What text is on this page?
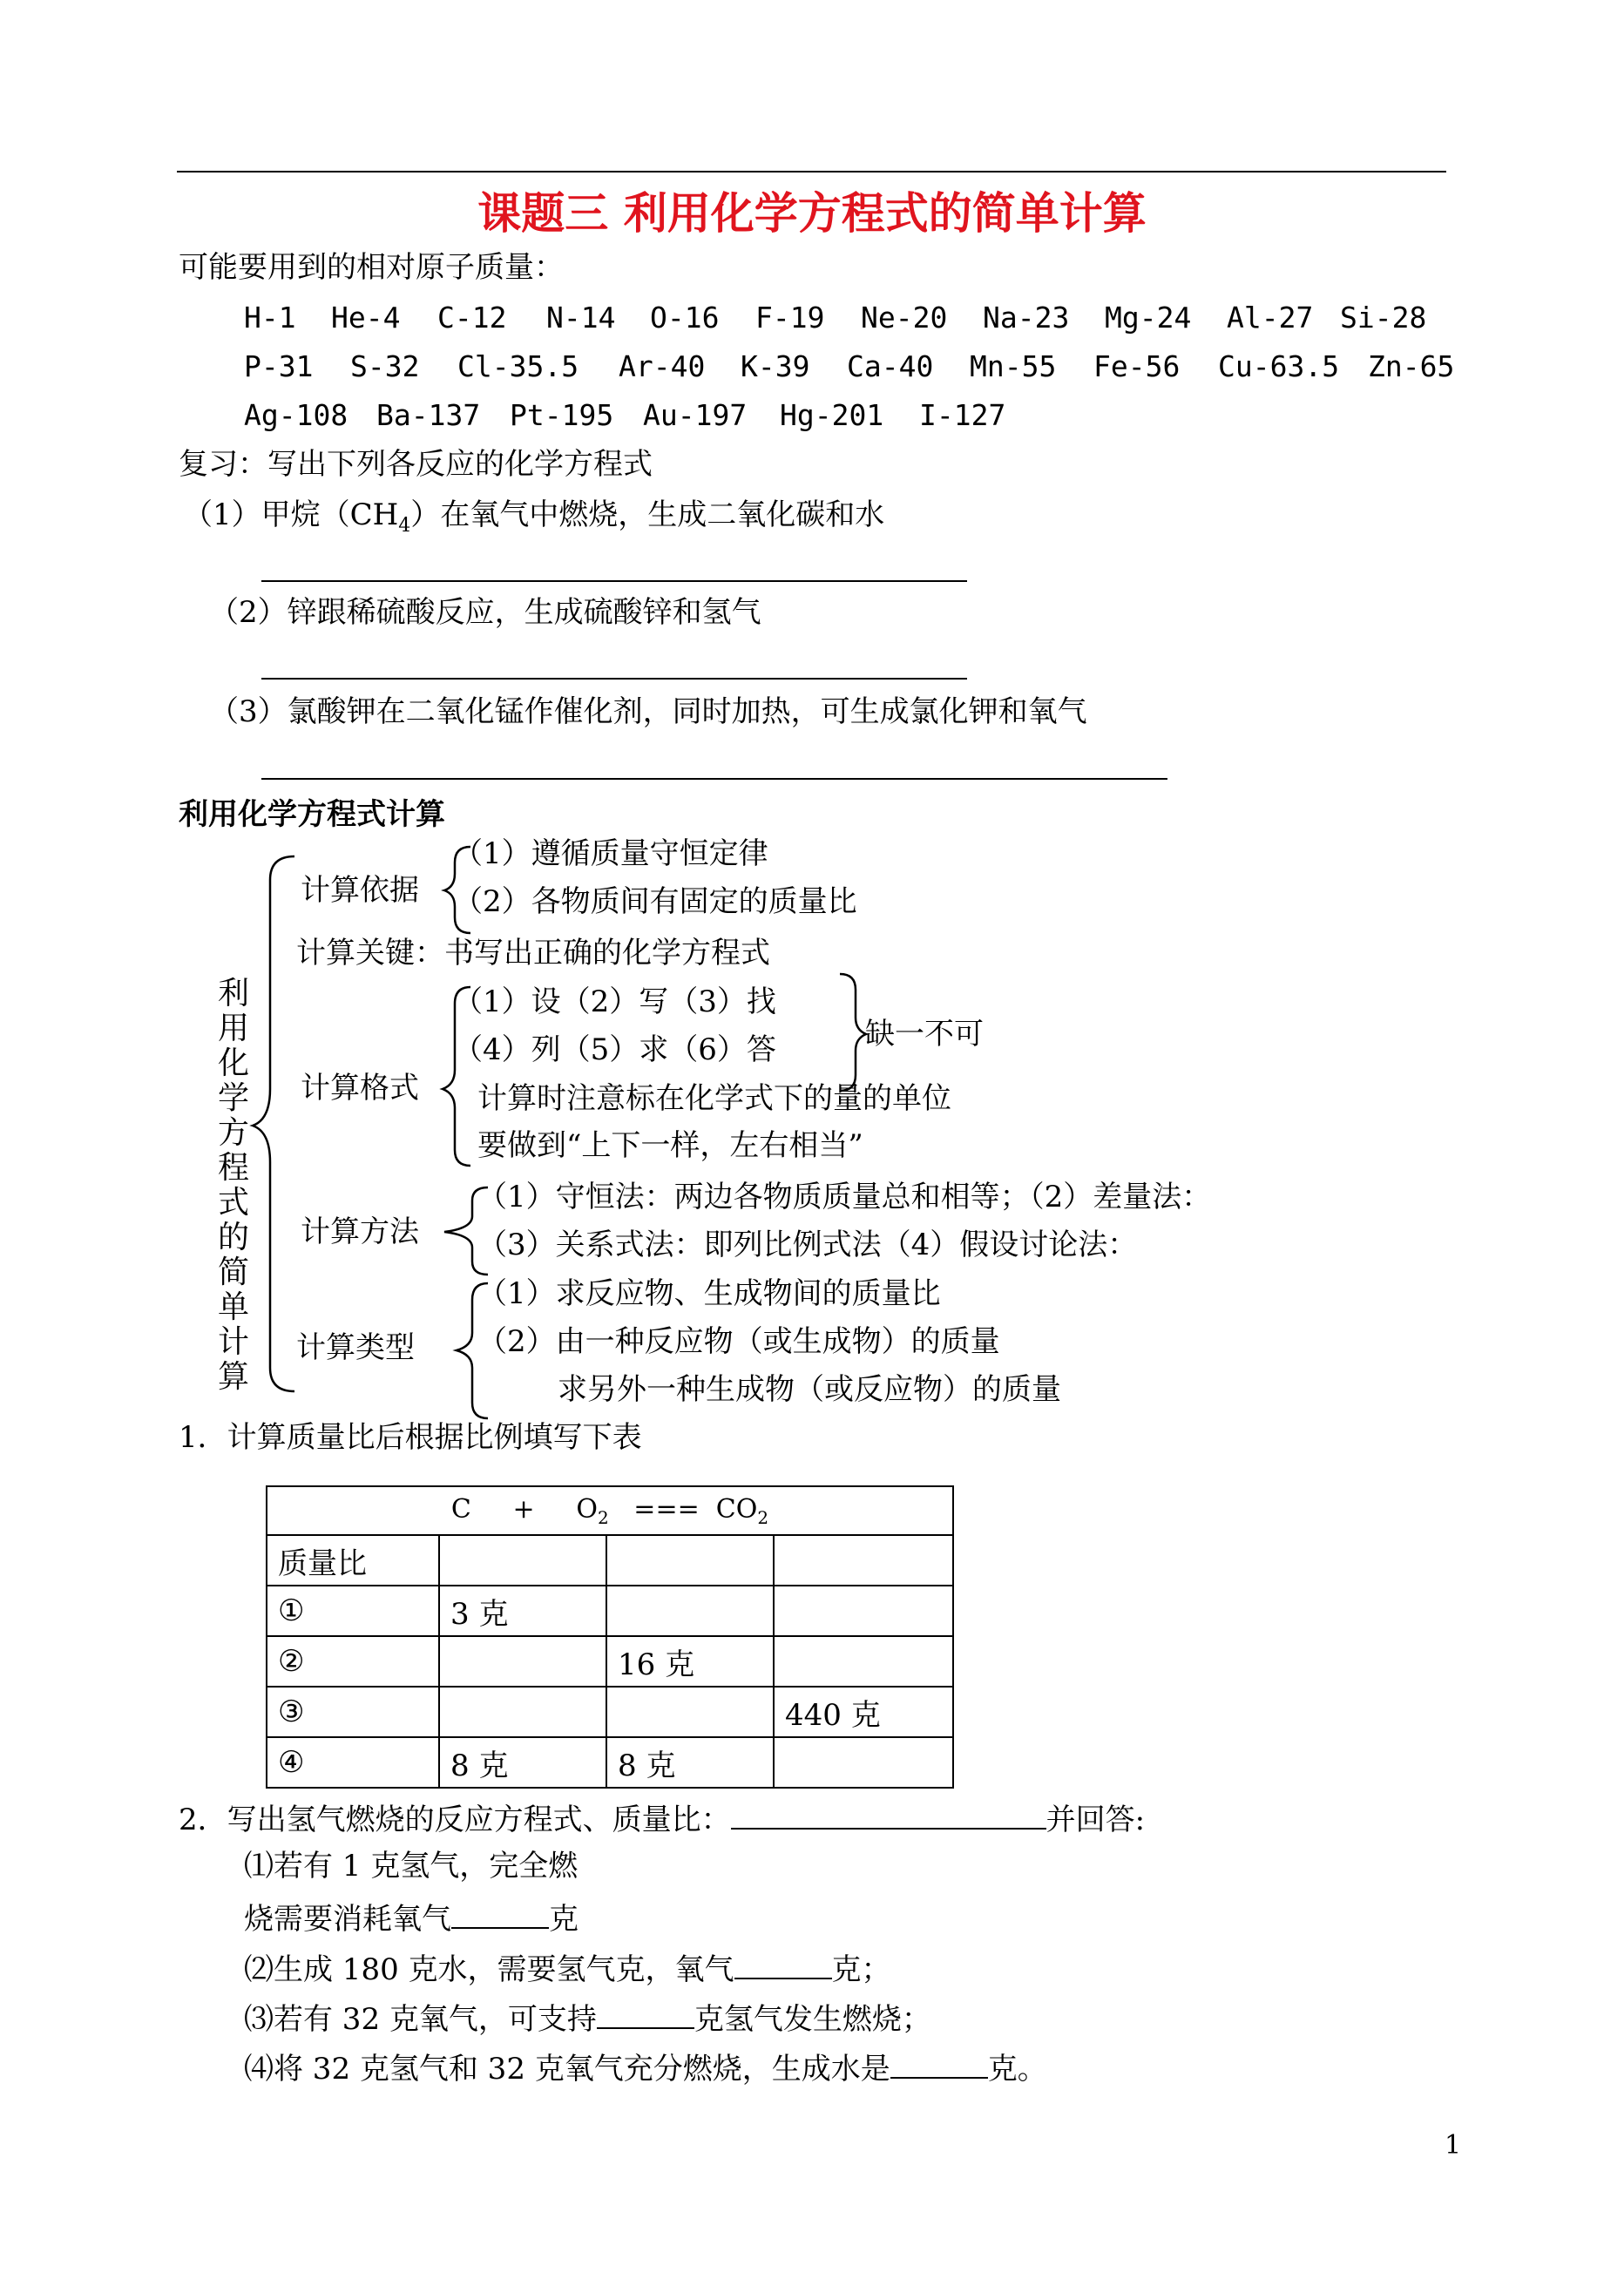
课题三 利用化学方程式的简单计算
可能要用到的相对原子质量：
H-1 He-4 C-12 N-14 O-16 F-19 Ne-20 Na-23 Mg-24 Al-27 Si-28
P-31 S-32 Cl-35.5 Ar-40 K-39 Ca-40 Mn-55 Fe-56 Cu-63.5 Zn-65
Ag-108 Ba-137 Pt-195 Au-197 Hg-201 I-127
复习：写出下列各反应的化学方程式
（1）甲烷$(CH_4)$在氧气中燃烧，生成二氧化碳和水
（2）锌跟稀硫酸反应，生成硫酸锌和氢气
（3）氯酸钾在二氧化锰作催化剂，同时加热，可生成氯化钾和氧气
利用化学方程式计算
利
用
化
学
方
程
式
的
简
单
计
算
计算依据
（1）遵循质量守恒定律
（2）各物质间有固定的质量比
计算关键：书写出正确的化学方程式
计算格式
（1）设（2）写（3）找
（4）列（5）求（6）答	缺一不可
计算时注意标在化学式下的量的单位
要做到“上下一样，左右相当”
计算方法
（1）守恒法：两边各物质质量总和相等；（2）差量法：
（3）关系式法：即列比例式法（4）假设讨论法：
计算类型
（1）求反应物、生成物间的质量比
（2）由一种反应物（或生成物）的质量
求另外一种生成物（或反应物）的质量
1．计算质量比后根据比例填写下表
C     +     $O_2$   ===  $CO_2$
质量比			
①	3 克		
②		16 克	
③			440 克
④	8 克	8 克	
2．写出氢气燃烧的反应方程式、质量比：	并回答:
⑴若有 1 克氢气，完全燃
烧需要消耗氧气	克
⑵生成 180 克水，需要氢气克，氧气	克；
⑶若有 32 克氧气，可支持	克氢气发生燃烧；
⑷将 32 克氢气和 32 克氧气充分燃烧，生成水是	克。
1
